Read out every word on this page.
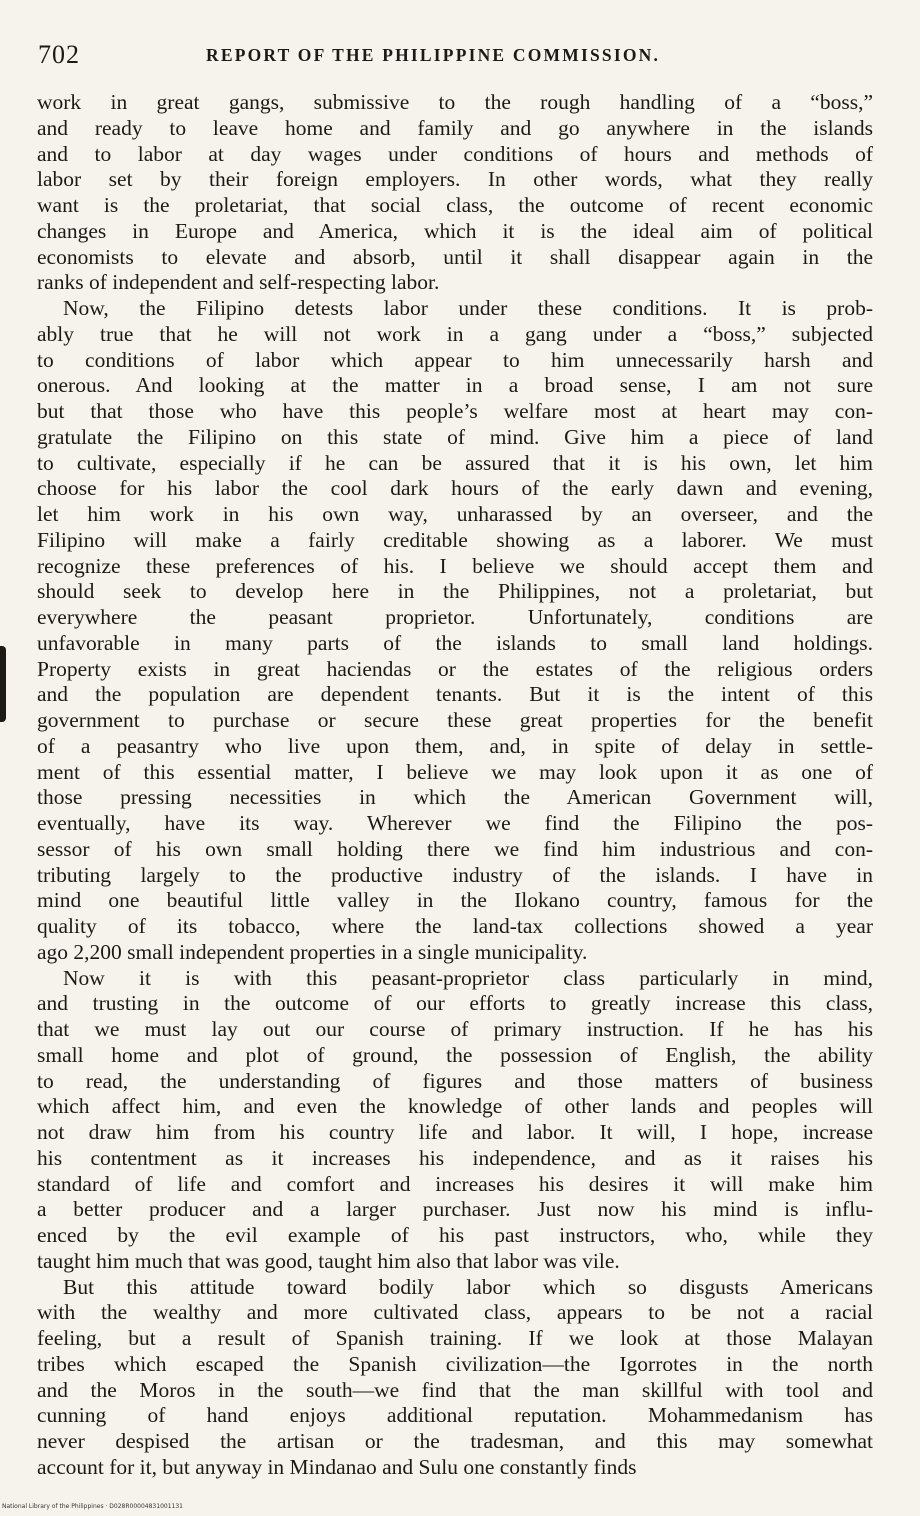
702	REPORT OF THE PHILIPPINE COMMISSION.

work in great gangs, submissive to the rough handling of a “boss,”
and ready to leave home and family and go anywhere in the islands
and to labor at day wages under conditions of hours and methods of
labor set by their foreign employers. In other words, what they really
want is the proletariat, that social class, the outcome of recent economic
changes in Europe and America, which it is the ideal aim of political
economists to elevate and absorb, until it shall disappear again in the
ranks of independent and self-respecting labor.

Now, the Filipino detests labor under these conditions. It is prob-
ably true that he will not work in a gang under a “boss,” subjected
to conditions of labor which appear to him unnecessarily harsh and
onerous. And looking at the matter in a broad sense, I am not sure
but that those who have this people’s welfare most at heart may con-
gratulate the Filipino on this state of mind. Give him a piece of land
to cultivate, especially if he can be assured that it is his own, let him
choose for his labor the cool dark hours of the early dawn and evening,
let him work in his own way, unharassed by an overseer, and the
Filipino will make a fairly creditable showing as a laborer. We must
recognize these preferences of his. I believe we should accept them and
should seek to develop here in the Philippines, not a proletariat, but
everywhere the peasant proprietor. Unfortunately, conditions are
unfavorable in many parts of the islands to small land holdings.
Property exists in great haciendas or the estates of the religious orders
and the population are dependent tenants. But it is the intent of this
government to purchase or secure these great properties for the benefit
of a peasantry who live upon them, and, in spite of delay in settle-
ment of this essential matter, I believe we may look upon it as one of
those pressing necessities in which the American Government will,
eventually, have its way. Wherever we find the Filipino the pos-
sessor of his own small holding there we find him industrious and con-
tributing largely to the productive industry of the islands. I have in
mind one beautiful little valley in the Ilokano country, famous for the
quality of its tobacco, where the land-tax collections showed a year
ago 2,200 small independent properties in a single municipality.

Now it is with this peasant-proprietor class particularly in mind,
and trusting in the outcome of our efforts to greatly increase this class,
that we must lay out our course of primary instruction. If he has his
small home and plot of ground, the possession of English, the ability
to read, the understanding of figures and those matters of business
which affect him, and even the knowledge of other lands and peoples will
not draw him from his country life and labor. It will, I hope, increase
his contentment as it increases his independence, and as it raises his
standard of life and comfort and increases his desires it will make him
a better producer and a larger purchaser. Just now his mind is influ-
enced by the evil example of his past instructors, who, while they
taught him much that was good, taught him also that labor was vile.

But this attitude toward bodily labor which so disgusts Americans
with the wealthy and more cultivated class, appears to be not a racial
feeling, but a result of Spanish training. If we look at those Malayan
tribes which escaped the Spanish civilization—the Igorrotes in the north
and the Moros in the south—we find that the man skillful with tool and
cunning of hand enjoys additional reputation. Mohammedanism has
never despised the artisan or the tradesman, and this may somewhat
account for it, but anyway in Mindanao and Sulu one constantly finds

National Library of the Philippines · D028R00004831001131
